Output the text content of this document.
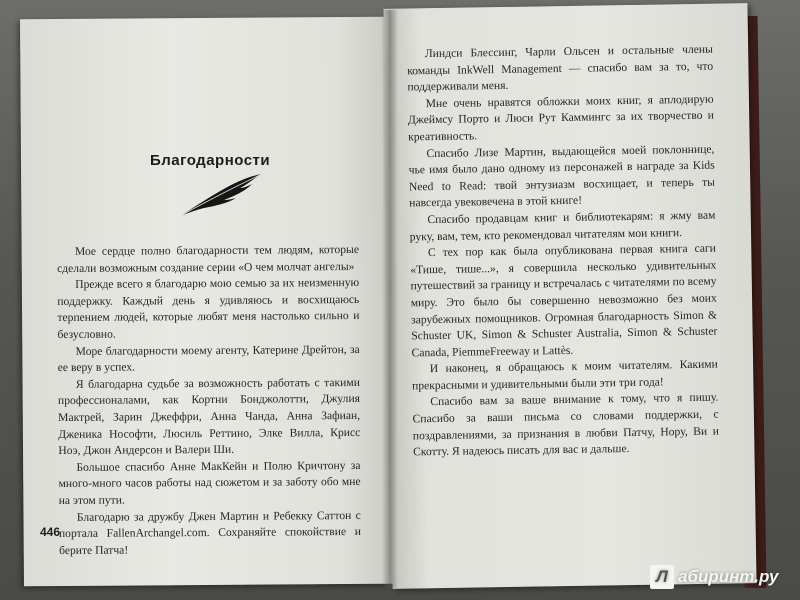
Благодарности

Мое сердце полно благодарности тем людям, которые сделали возможным создание серии «О чем молчат ангелы»

Прежде всего я благодарю мою семью за их неизменную поддержку. Каждый день я удивляюсь и восхищаюсь терпением людей, которые любят меня настолько сильно и безусловно.

Море благодарности моему агенту, Катерине Дрейтон, за ее веру в успех.

Я благодарна судьбе за возможность работать с такими профессионалами, как Кортни Бонджолотти, Джулия Мактрей, Зарин Джеффри, Анна Чанда, Анна Зафиан, Дженика Нософти, Люсиль Реттино, Элке Вилла, Крисс Ноэ, Джон Андерсон и Валери Ши.

Большое спасибо Анне МакКейн и Полю Кричтону за много-много часов работы над сюжетом и за заботу обо мне на этом пути.

Благодарю за дружбу Джен Мартин и Ребекку Саттон с портала FallenArchangel.com. Сохраняйте спокойствие и берите Патча!

446

Линдси Блессинг, Чарли Ольсен и остальные члены команды InkWell Management — спасибо вам за то, что поддерживали меня.

Мне очень нравятся обложки моих книг, я аплодирую Джеймсу Порто и Люси Рут Каммингс за их творчество и креативность.

Спасибо Лизе Мартин, выдающейся моей поклоннице, чье имя было дано одному из персонажей в награде за Kids Need to Read: твой энтузиазм восхищает, и теперь ты навсегда увековечена в этой книге!

Спасибо продавцам книг и библиотекарям: я жму вам руку, вам, тем, кто рекомендовал читателям мои книги.

С тех пор как была опубликована первая книга саги «Тише, тише...», я совершила несколько удивительных путешествий за границу и встречалась с читателями по всему миру. Это было бы совершенно невозможно без моих зарубежных помощников. Огромная благодарность Simon & Schuster UK, Simon & Schuster Australia, Simon & Schuster Canada, PiemmeFreeway и Lattès.

И наконец, я обращаюсь к моим читателям. Какими прекрасными и удивительными были эти три года!

Спасибо вам за ваше внимание к тому, что я пишу. Спасибо за ваши письма со словами поддержки, с поздравлениями, за признания в любви Патчу, Нору, Ви и Скотту. Я надеюсь писать для вас и дальше.

Л абиринт.ру
